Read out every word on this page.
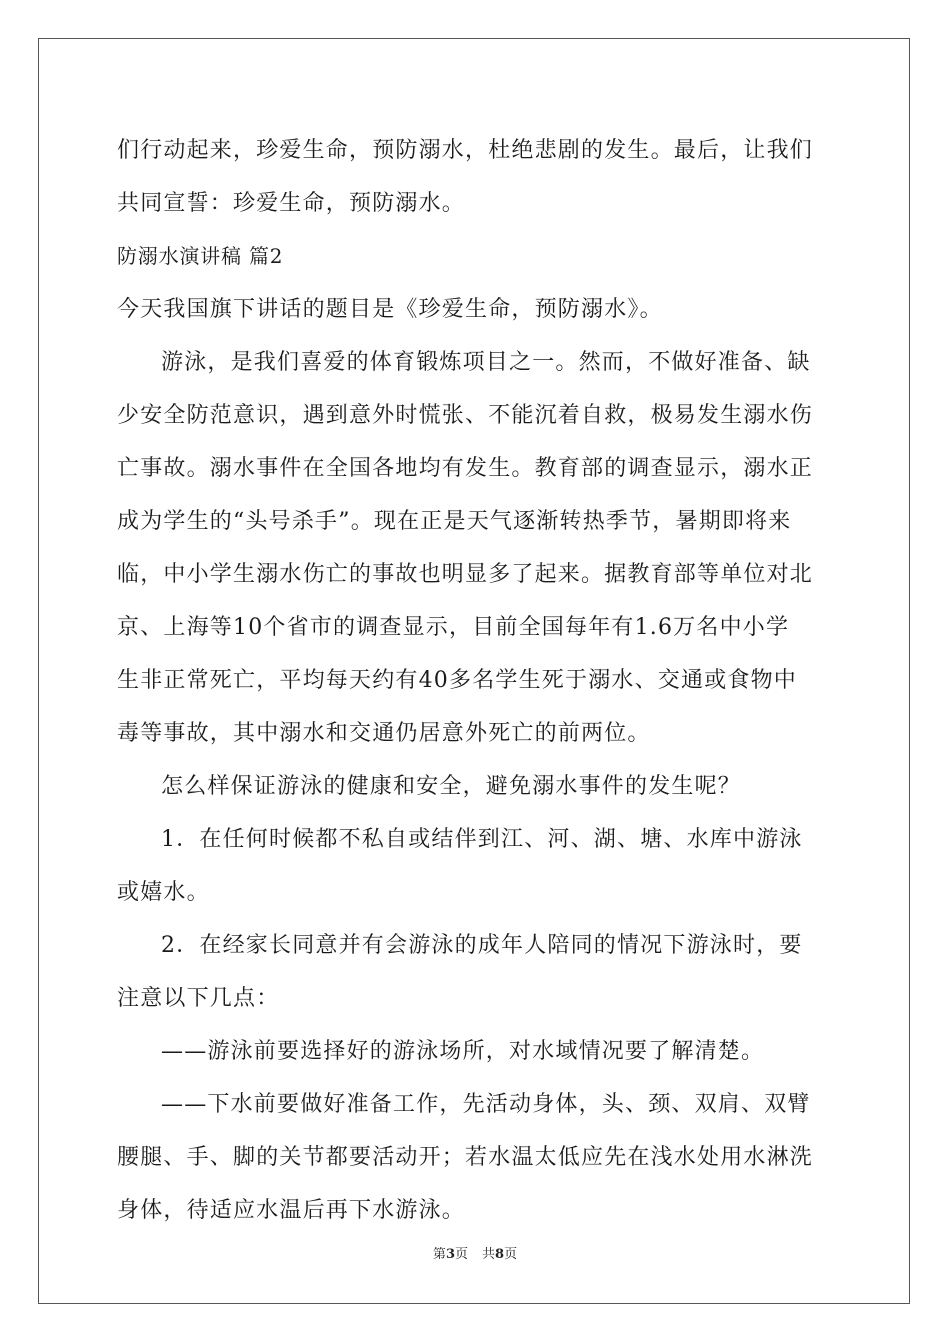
们行动起来，珍爱生命，预防溺水，杜绝悲剧的发生。最后，让我们
共同宣誓：珍爱生命，预防溺水。
防溺水演讲稿 篇2
今天我国旗下讲话的题目是《珍爱生命，预防溺水》。
游泳，是我们喜爱的体育锻炼项目之一。然而，不做好准备、缺
少安全防范意识，遇到意外时慌张、不能沉着自救，极易发生溺水伤
亡事故。溺水事件在全国各地均有发生。教育部的调查显示，溺水正
成为学生的“头号杀手”。现在正是天气逐渐转热季节，暑期即将来
临，中小学生溺水伤亡的事故也明显多了起来。据教育部等单位对北
京、上海等10个省市的调查显示，目前全国每年有1.6万名中小学
生非正常死亡，平均每天约有40多名学生死于溺水、交通或食物中
毒等事故，其中溺水和交通仍居意外死亡的前两位。
怎么样保证游泳的健康和安全，避免溺水事件的发生呢？
1．在任何时候都不私自或结伴到江、河、湖、塘、水库中游泳
或嬉水。
2．在经家长同意并有会游泳的成年人陪同的情况下游泳时，要
注意以下几点：
——游泳前要选择好的游泳场所，对水域情况要了解清楚。
——下水前要做好准备工作，先活动身体，头、颈、双肩、双臂
腰腿、手、脚的关节都要活动开；若水温太低应先在浅水处用水淋洗
身体，待适应水温后再下水游泳。
第3页 共8页
